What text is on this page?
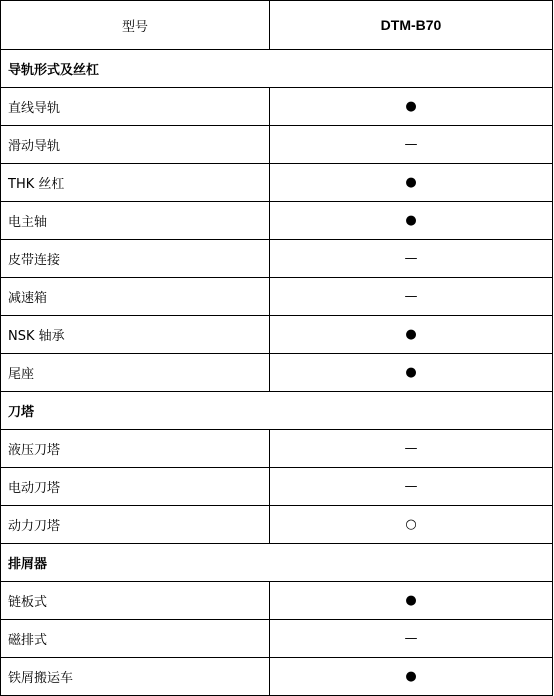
型号	DTM-B70
导轨形式及丝杠	
直线导轨	●
滑动导轨	—
THK 丝杠	●
电主轴	●
皮带连接	—
减速箱	—
NSK 轴承	●
尾座	●
刀塔	
液压刀塔	—
电动刀塔	—
动力刀塔	○
排屑器	
链板式	●
磁排式	—
铁屑搬运车	●
